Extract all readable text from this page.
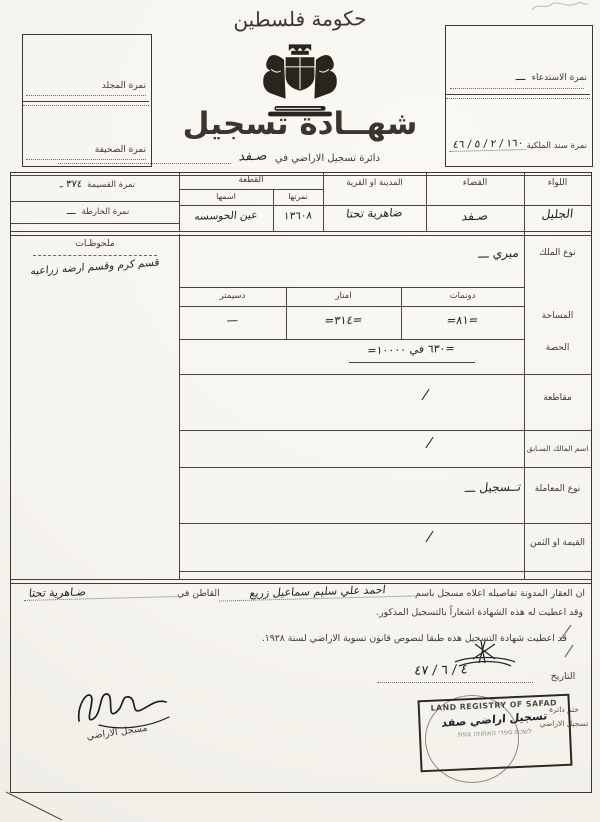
حكومة فلسطين
شهــادة تسجيل
دائرة تسجيل الاراضي في
صـفد
نمرة المجلد
نمرة الصحيفة
نمرة الاستدعاء
ـــ
نمرة سند الملكية
١٦٠ / ٢ / ٥ / ٤٦
نمرة القسيمة
٣٧٤ ـ
نمرة الخارطة
ـــ
اللواء
القضاء
المدينة او القرية
القطعة
نمرتها
اسمها
الجليل
صـفد
ضاهرية تحتا
١٣٦٠٨
عين الحوسسه
ملحوظـات
قسم كرم وقسم ارضه زراعيه
نوع الملك
ميري ـــ
المساحة
دونمات
امتار
دسيمتر
=٨١=
=٣١٤=
—
الحصة
=٦٣٠ في ١٠٠٠٠=
مقاطعة
/
اسم المالك السـابق
/
نوع المعاملة
تــسجيل ـــ
القيمة او الثمن
/
ان العقار المدونة تفاصيله اعلاه مسجل باسم
احمد علي سليم سماعيل زريع
القاطن في
ضـاهرية تحتا
وقد اعطيت له هذه الشهادة اشعاراً بالتسجيل المذكور.
قد اعطيت شهادة التسجيل هذه طبقا لنصوص قانون تسوية الاراضي لسنة ١٩٢٨.
التاريخ
٤ / ٦ / ٤٧
ختم دائرة
تسجيل الاراضي
LAND REGISTRY OF SAFAD
تسجيل اراضي صفد
לשכת ספרי האחוזה צפת
مسجل الاراضي
